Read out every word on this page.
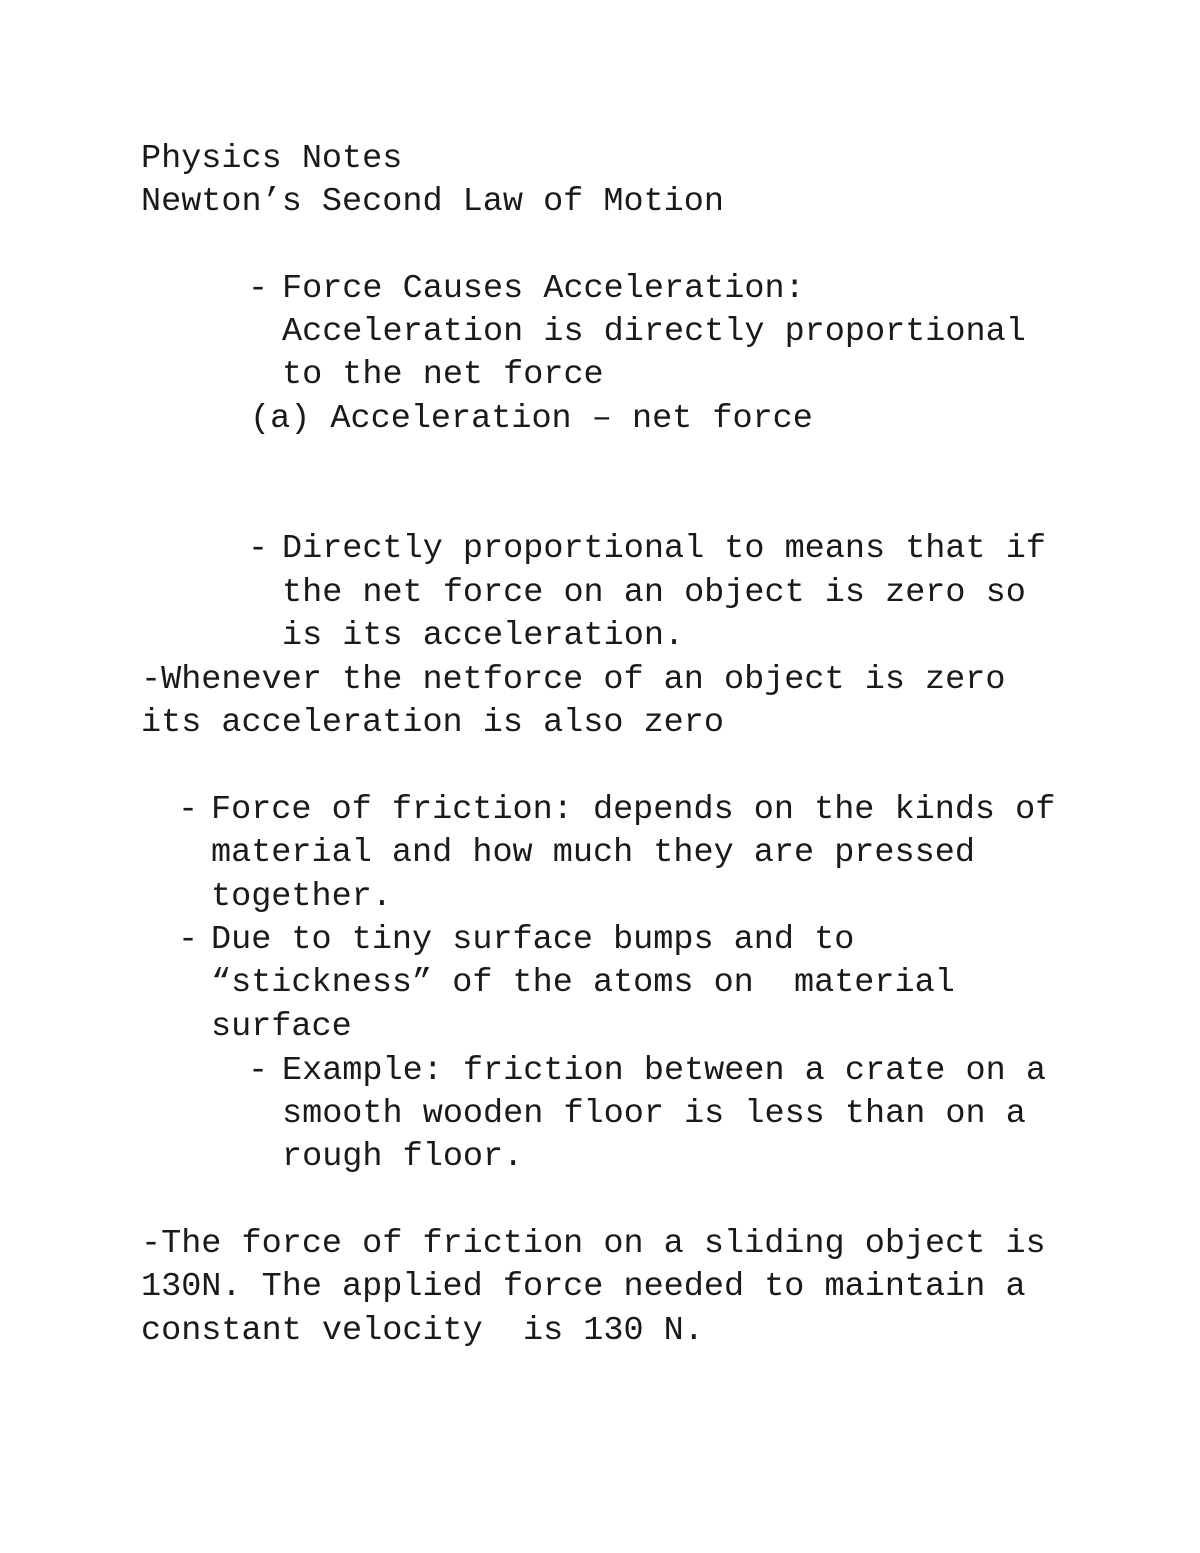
Physics Notes
Newton’s Second Law of Motion
- Force Causes Acceleration:
Acceleration is directly proportional
to the net force
(a) Acceleration – net force
- Directly proportional to means that if
the net force on an object is zero so
is its acceleration.
-Whenever the netforce of an object is zero
its acceleration is also zero
- Force of friction: depends on the kinds of
material and how much they are pressed
together.
- Due to tiny surface bumps and to
“stickness” of the atoms on  material
surface
- Example: friction between a crate on a
smooth wooden floor is less than on a
rough floor.
-The force of friction on a sliding object is
130N. The applied force needed to maintain a
constant velocity  is 130 N.
